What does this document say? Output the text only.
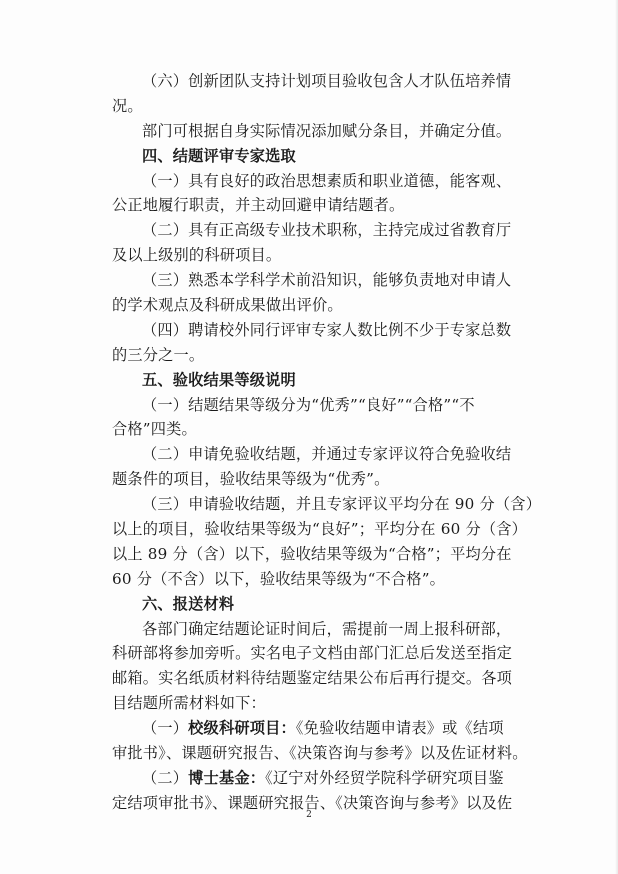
（六）创新团队支持计划项目验收包含人才队伍培养情
况。
部门可根据自身实际情况添加赋分条目，并确定分值。
四、结题评审专家选取
（一）具有良好的政治思想素质和职业道德，能客观、
公正地履行职责，并主动回避申请结题者。
（二）具有正高级专业技术职称，主持完成过省教育厅
及以上级别的科研项目。
（三）熟悉本学科学术前沿知识，能够负责地对申请人
的学术观点及科研成果做出评价。
（四）聘请校外同行评审专家人数比例不少于专家总数
的三分之一。
五、验收结果等级说明
（一）结题结果等级分为“优秀”“良好”“合格”“不
合格”四类。
（二）申请免验收结题，并通过专家评议符合免验收结
题条件的项目，验收结果等级为“优秀”。
（三）申请验收结题，并且专家评议平均分在 90 分（含）
以上的项目，验收结果等级为“良好”；平均分在 60 分（含）
以上 89 分（含）以下，验收结果等级为“合格”；平均分在
60 分（不含）以下，验收结果等级为“不合格”。
六、报送材料
各部门确定结题论证时间后，需提前一周上报科研部，
科研部将参加旁听。实名电子文档由部门汇总后发送至指定
邮箱。实名纸质材料待结题鉴定结果公布后再行提交。各项
目结题所需材料如下：
（一）校级科研项目：《免验收结题申请表》或《结项
审批书》、课题研究报告、《决策咨询与参考》以及佐证材料。
（二）博士基金：《辽宁对外经贸学院科学研究项目鉴
定结项审批书》、课题研究报告、《决策咨询与参考》以及佐
2
